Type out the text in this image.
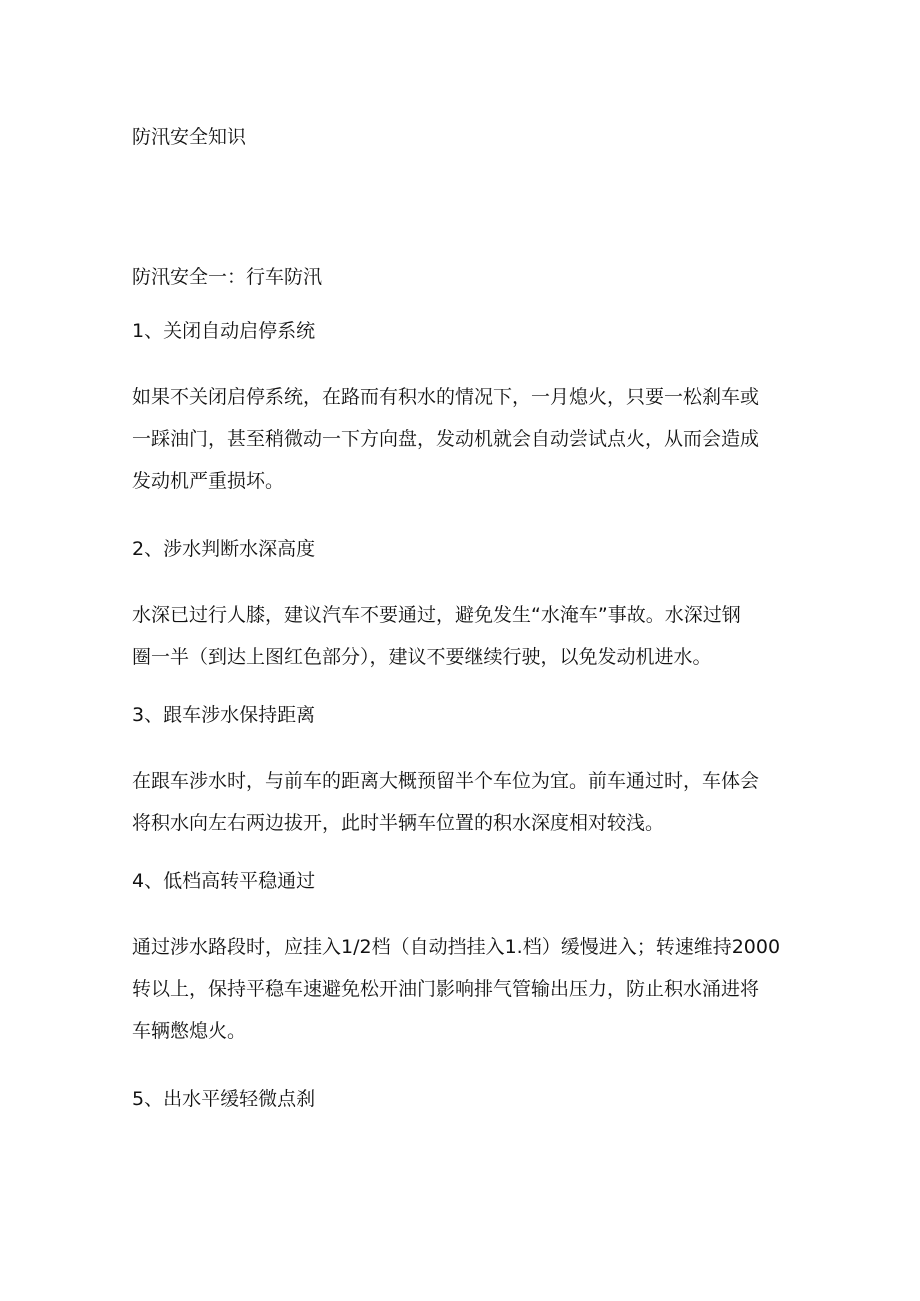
防汛安全知识

防汛安全一：行车防汛

1、关闭自动启停系统

如果不关闭启停系统，在路而有积水的情况下，一月熄火，只要一松刹车或
一踩油门，甚至稍微动一下方向盘，发动机就会自动尝试点火，从而会造成
发动机严重损坏。

2、涉水判断水深高度

水深已过行人膝，建议汽车不要通过，避免发生“水淹车”事故。水深过钢
圈一半（到达上图红色部分），建议不要继续行驶，以免发动机进水。

3、跟车涉水保持距离

在跟车涉水时，与前车的距离大概预留半个车位为宜。前车通过时，车体会
将积水向左右两边拔开，此时半辆车位置的积水深度相对较浅。

4、低档高转平稳通过

通过涉水路段时，应挂入1/2档（自动挡挂入1.档）缓慢进入；转速维持2000
转以上，保持平稳车速避免松开油门影响排气管输出压力，防止积水涌进将
车辆憋熄火。

5、出水平缓轻微点刹
